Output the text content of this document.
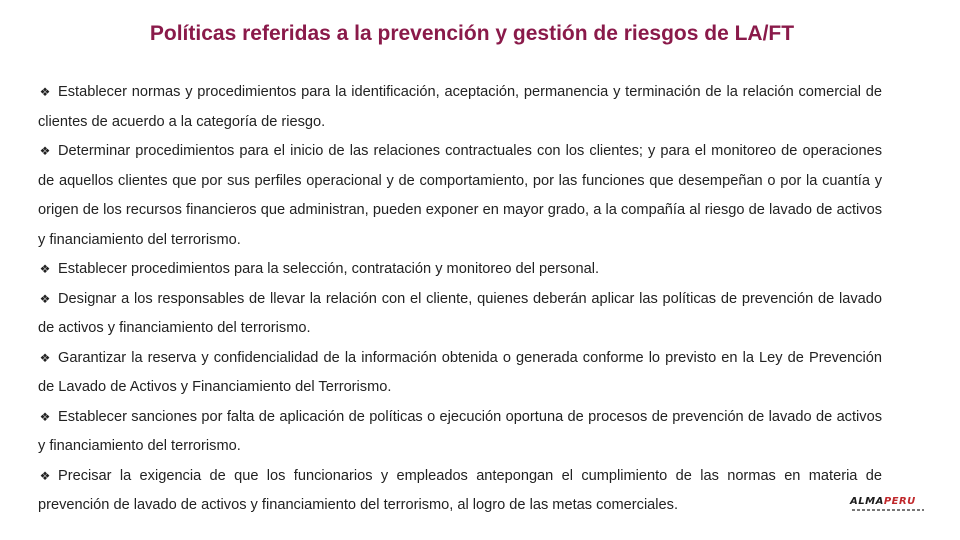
Políticas referidas a la prevención y gestión de riesgos de LA/FT

❖ Establecer normas y procedimientos para la identificación, aceptación, permanencia y terminación de la relación comercial de clientes de acuerdo a la categoría de riesgo.

❖ Determinar procedimientos para el inicio de las relaciones contractuales con los clientes; y para el monitoreo de operaciones de aquellos clientes que por sus perfiles operacional y de comportamiento, por las funciones que desempeñan o por la cuantía y origen de los recursos financieros que administran, pueden exponer en mayor grado, a la compañía al riesgo de lavado de activos y financiamiento del terrorismo.

❖ Establecer procedimientos para la selección, contratación y monitoreo del personal.

❖ Designar a los responsables de llevar la relación con el cliente, quienes deberán aplicar las políticas de prevención de lavado de activos y financiamiento del terrorismo.

❖ Garantizar la reserva y confidencialidad de la información obtenida o generada conforme lo previsto en la Ley de Prevención de Lavado de Activos y Financiamiento del Terrorismo.

❖ Establecer sanciones por falta de aplicación de políticas o ejecución oportuna de procesos de prevención de lavado de activos y financiamiento del terrorismo.

❖ Precisar la exigencia de que los funcionarios y empleados antepongan el cumplimiento de las normas en materia de prevención de lavado de activos y financiamiento del terrorismo, al logro de las metas comerciales.	ALMAPERU
